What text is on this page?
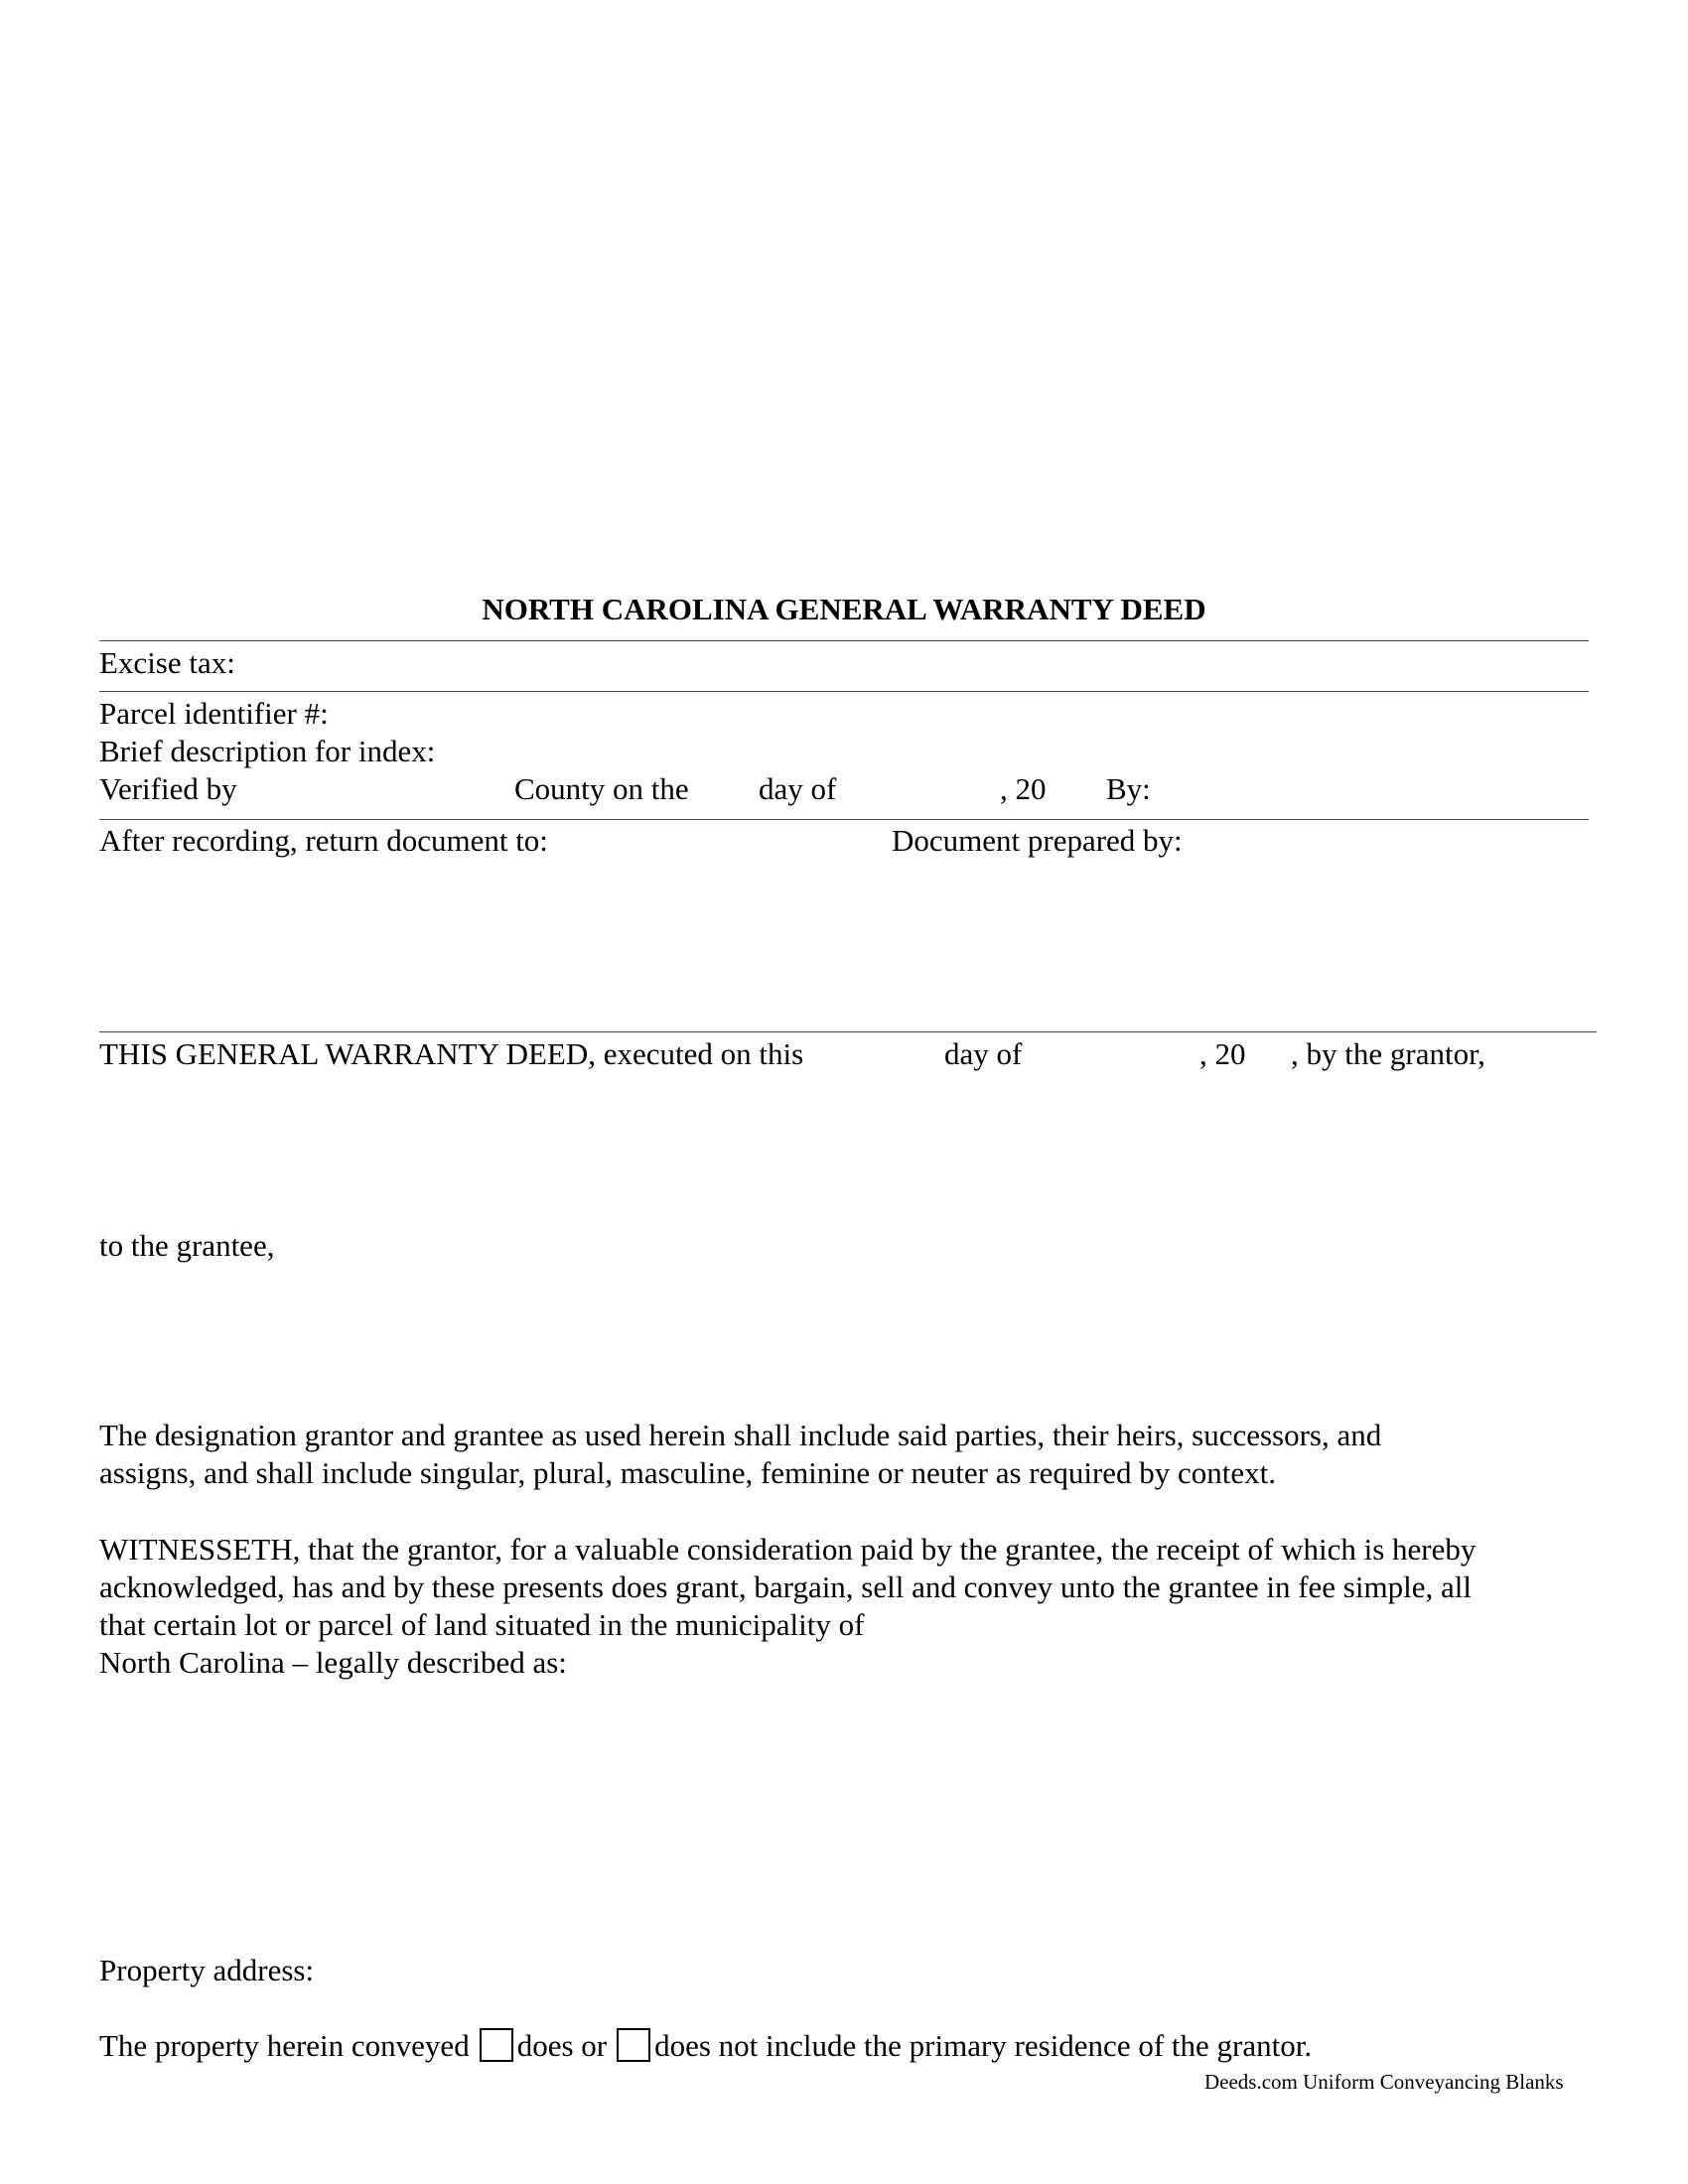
NORTH CAROLINA GENERAL WARRANTY DEED
Excise tax:
Parcel identifier #:
Brief description for index:
Verified by	County on the day of	, 20 By:
After recording, return document to:	Document prepared by:
THIS GENERAL WARRANTY DEED, executed on this	day of	, 20 , by the grantor,
to the grantee,
The designation grantor and grantee as used herein shall include said parties, their heirs, successors, and
assigns, and shall include singular, plural, masculine, feminine or neuter as required by context.
WITNESSETH, that the grantor, for a valuable consideration paid by the grantee, the receipt of which is hereby
acknowledged, has and by these presents does grant, bargain, sell and convey unto the grantee in fee simple, all
that certain lot or parcel of land situated in the municipality of
North Carolina – legally described as:
Property address:
The property herein conveyed does or does not include the primary residence of the grantor.
Deeds.com Uniform Conveyancing Blanks
